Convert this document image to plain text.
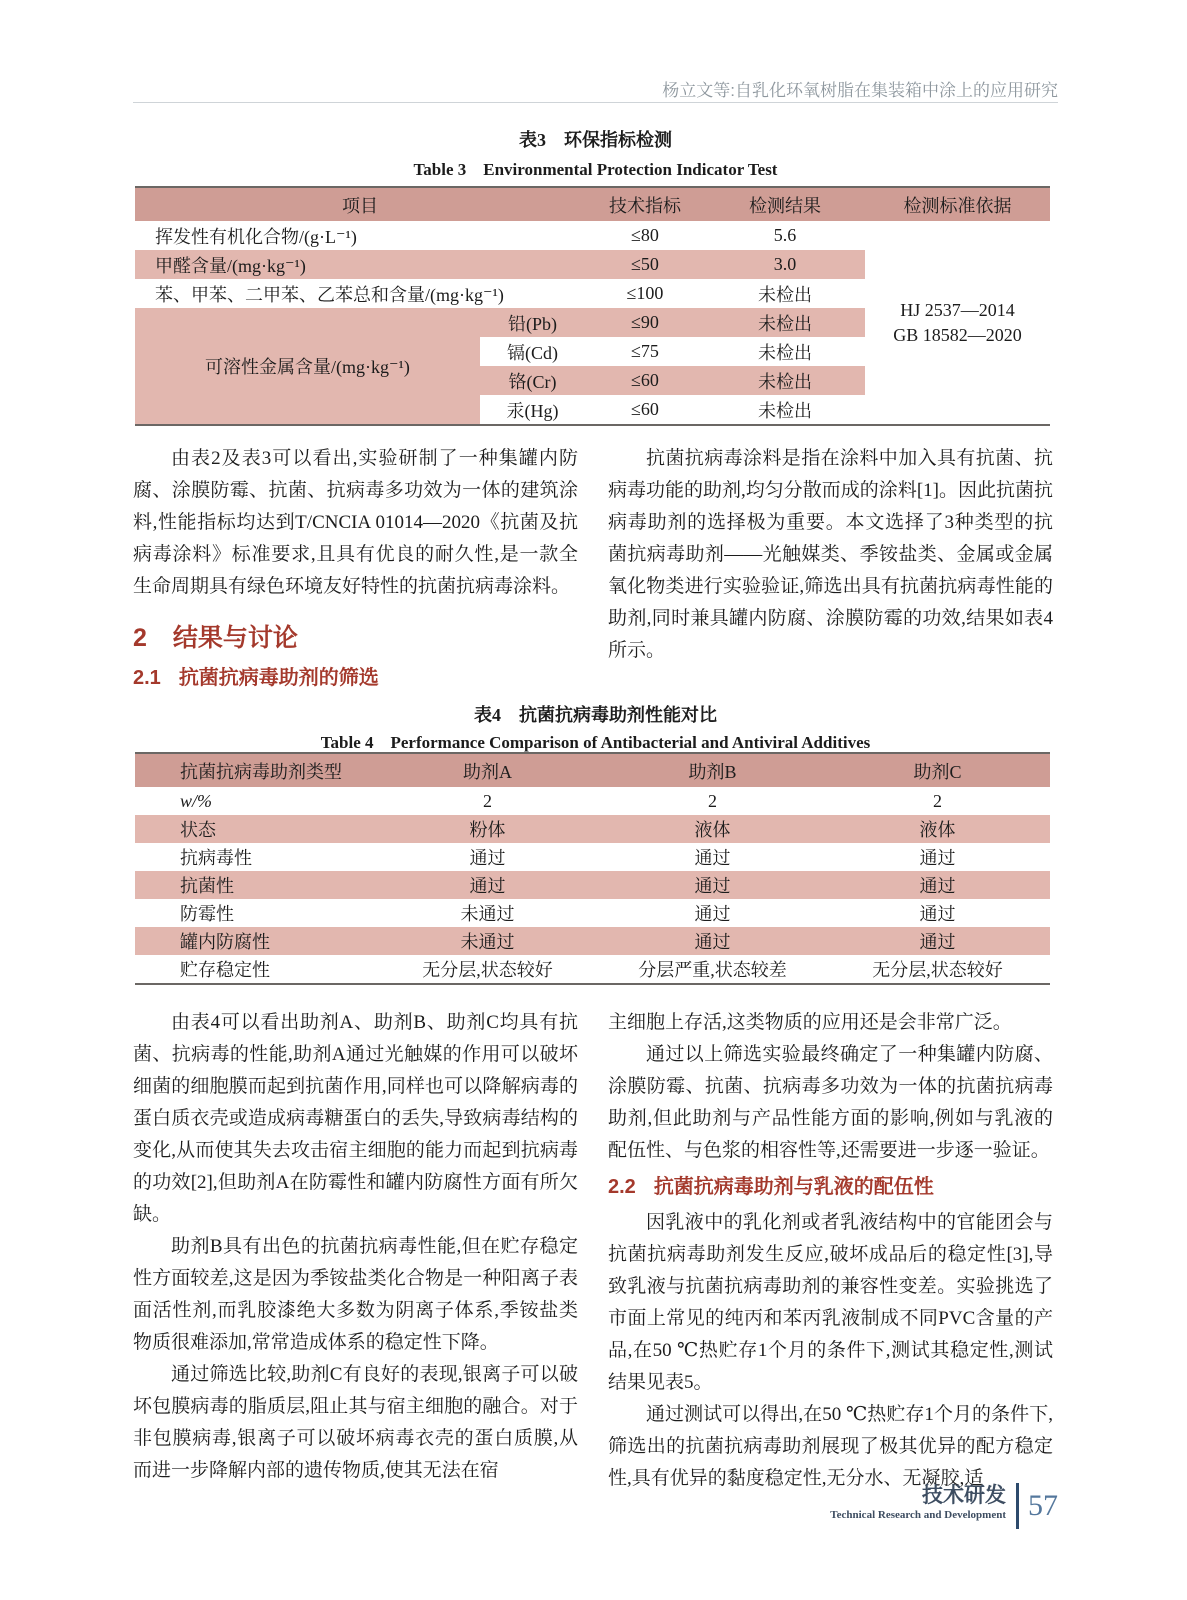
杨立文等:自乳化环氧树脂在集装箱中涂上的应用研究
表3　环保指标检测
Table 3　Environmental Protection Indicator Test
项目	技术指标	检测结果	检测标准依据
挥发性有机化合物/(g·L⁻¹)	≤80	5.6
甲醛含量/(mg·kg⁻¹)	≤50	3.0
苯、甲苯、二甲苯、乙苯总和含量/(mg·kg⁻¹)	≤100	未检出
可溶性金属含量/(mg·kg⁻¹)
铅(Pb)	≤90	未检出
镉(Cd)	≤75	未检出
铬(Cr)	≤60	未检出
汞(Hg)	≤60	未检出
HJ 2537—2014
GB 18582—2020

由表2及表3可以看出,实验研制了一种集罐内防腐、涂膜防霉、抗菌、抗病毒多功效为一体的建筑涂料,性能指标均达到T/CNCIA 01014—2020《抗菌及抗病毒涂料》标准要求,且具有优良的耐久性,是一款全生命周期具有绿色环境友好特性的抗菌抗病毒涂料。

2 结果与讨论
2.1 抗菌抗病毒助剂的筛选

抗菌抗病毒涂料是指在涂料中加入具有抗菌、抗病毒功能的助剂,均匀分散而成的涂料[1]。因此抗菌抗病毒助剂的选择极为重要。本文选择了3种类型的抗菌抗病毒助剂——光触媒类、季铵盐类、金属或金属氧化物类进行实验验证,筛选出具有抗菌抗病毒性能的助剂,同时兼具罐内防腐、涂膜防霉的功效,结果如表4所示。

表4　抗菌抗病毒助剂性能对比
Table 4　Performance Comparison of Antibacterial and Antiviral Additives
抗菌抗病毒助剂类型	助剂A	助剂B	助剂C
w/%	2	2	2
状态	粉体	液体	液体
抗病毒性	通过	通过	通过
抗菌性	通过	通过	通过
防霉性	未通过	通过	通过
罐内防腐性	未通过	通过	通过
贮存稳定性	无分层,状态较好	分层严重,状态较差	无分层,状态较好

由表4可以看出助剂A、助剂B、助剂C均具有抗菌、抗病毒的性能,助剂A通过光触媒的作用可以破坏细菌的细胞膜而起到抗菌作用,同样也可以降解病毒的蛋白质衣壳或造成病毒糖蛋白的丢失,导致病毒结构的变化,从而使其失去攻击宿主细胞的能力而起到抗病毒的功效[2],但助剂A在防霉性和罐内防腐性方面有所欠缺。

助剂B具有出色的抗菌抗病毒性能,但在贮存稳定性方面较差,这是因为季铵盐类化合物是一种阳离子表面活性剂,而乳胶漆绝大多数为阴离子体系,季铵盐类物质很难添加,常常造成体系的稳定性下降。

通过筛选比较,助剂C有良好的表现,银离子可以破坏包膜病毒的脂质层,阻止其与宿主细胞的融合。对于非包膜病毒,银离子可以破坏病毒衣壳的蛋白质膜,从而进一步降解内部的遗传物质,使其无法在宿

主细胞上存活,这类物质的应用还是会非常广泛。

通过以上筛选实验最终确定了一种集罐内防腐、涂膜防霉、抗菌、抗病毒多功效为一体的抗菌抗病毒助剂,但此助剂与产品性能方面的影响,例如与乳液的配伍性、与色浆的相容性等,还需要进一步逐一验证。

2.2 抗菌抗病毒助剂与乳液的配伍性

因乳液中的乳化剂或者乳液结构中的官能团会与抗菌抗病毒助剂发生反应,破坏成品后的稳定性[3],导致乳液与抗菌抗病毒助剂的兼容性变差。实验挑选了市面上常见的纯丙和苯丙乳液制成不同PVC含量的产品,在50 ℃热贮存1个月的条件下,测试其稳定性,测试结果见表5。

通过测试可以得出,在50 ℃热贮存1个月的条件下,筛选出的抗菌抗病毒助剂展现了极其优异的配方稳定性,具有优异的黏度稳定性,无分水、无凝胶,适

技术研发
Technical Research and Development 57
